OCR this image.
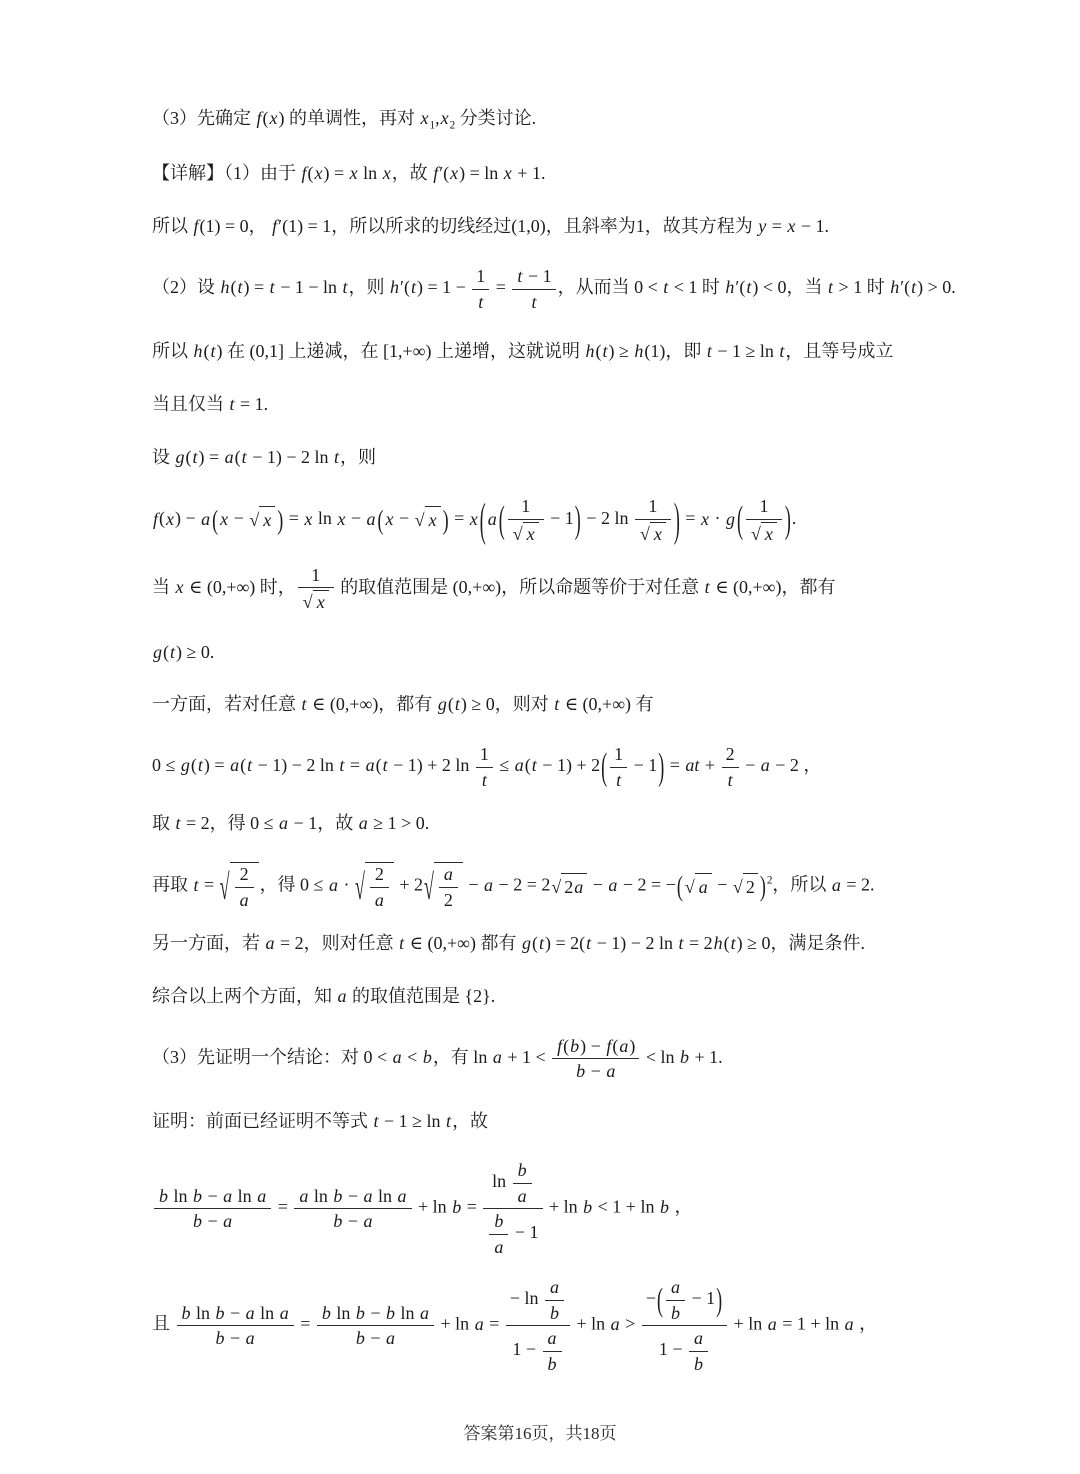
（3）先确定 f(x) 的单调性，再对 $x_1,x_2$ 分类讨论.
【详解】（1）由于 f(x) = x ln x，故 f′(x) = ln x + 1.
所以 f(1) = 0， f′(1) = 1，所以所求的切线经过(1,0)，且斜率为1，故其方程为 y = x − 1.
（2）设 h(t) = t − 1 − ln t，则 $h'(t) = 1 - \frac{1}{t} = \frac{t - 1}{t}$ ，从而当 0 < t < 1 时 h′(t) < 0，当 t > 1 时 h′(t) > 0.
所以 h(t) 在 (0,1] 上递减，在 [1,+∞) 上递增，这就说明 h(t) ≥ h(1)，即 t − 1 ≥ ln t，且等号成立
当且仅当 t = 1.
设 g(t) = a(t − 1) − 2 ln t，则
f(x) − a ( x − √ x ) = x ln x − a ( x − √ x ) = x ( a ( $\frac{1}{√ x} - 1) - 2$ $\ln \frac{1}{√ x}$ ) = x · g ( $\frac{1}{√ x}$ ).
当 x ∈ (0,+∞) 时， $\frac{1}{√ x}$ 的取值范围是 (0,+∞)，所以命题等价于对任意 t ∈ (0,+∞)，都有
g(t) ≥ 0.
一方面，若对任意 t ∈ (0,+∞)，都有 g(t) ≥ 0，则对 t ∈ (0,+∞) 有
0 ≤ g(t) = a(t − 1) − 2 ln t = a(t − 1) + 2 $\ln \frac{1}{t} \le a(t - 1) + 2( \frac{1}{t} - 1)$ = at + $\frac{2}{t} - a - 2$ ，
取 t = 2，得 0 ≤ a − 1，故 a ≥ 1 > 0.
再取 t = √ $\frac{2}{a}$ ，得 0 ≤ a · √ $\frac{2}{a} + 2$ √ $\frac{a}{2} - a - 2 = 2$ √ 2a − a − 2 = −( √ a − √ 2 )$^2$，所以 a = 2.
另一方面，若 a = 2，则对任意 t ∈ (0,+∞) 都有 g(t) = 2(t − 1) − 2 ln t = 2h(t) ≥ 0，满足条件.
综合以上两个方面，知 a 的取值范围是 {2}.
（3）先证明一个结论：对 0 < a < b，有 $\ln a + 1 < \frac{f(b) - f(a)}{b - a} < \ln b + 1$.
证明：前面已经证明不等式 t − 1 ≥ ln t，故
$\frac{\text{b ln b − a ln a}}{b - a} = \frac{\text{a ln b − a ln a}}{b - a} + \ln b = \frac{\ln \frac{b}{a}}{\frac{b}{a} - 1} + \ln b < 1 + \ln b$ ，
且 $\frac{\text{b ln b − a ln a}}{b - a} = \frac{\text{b ln b − b ln a}}{b - a} + \ln a = \frac{- \ln \frac{a}{b}}{1 - \frac{a}{b}} + \ln a > \frac{-( \frac{a}{b} - 1)}{1 - \frac{a}{b}} + \ln a = 1 + \ln a$ ，
答案第16页，共18页
